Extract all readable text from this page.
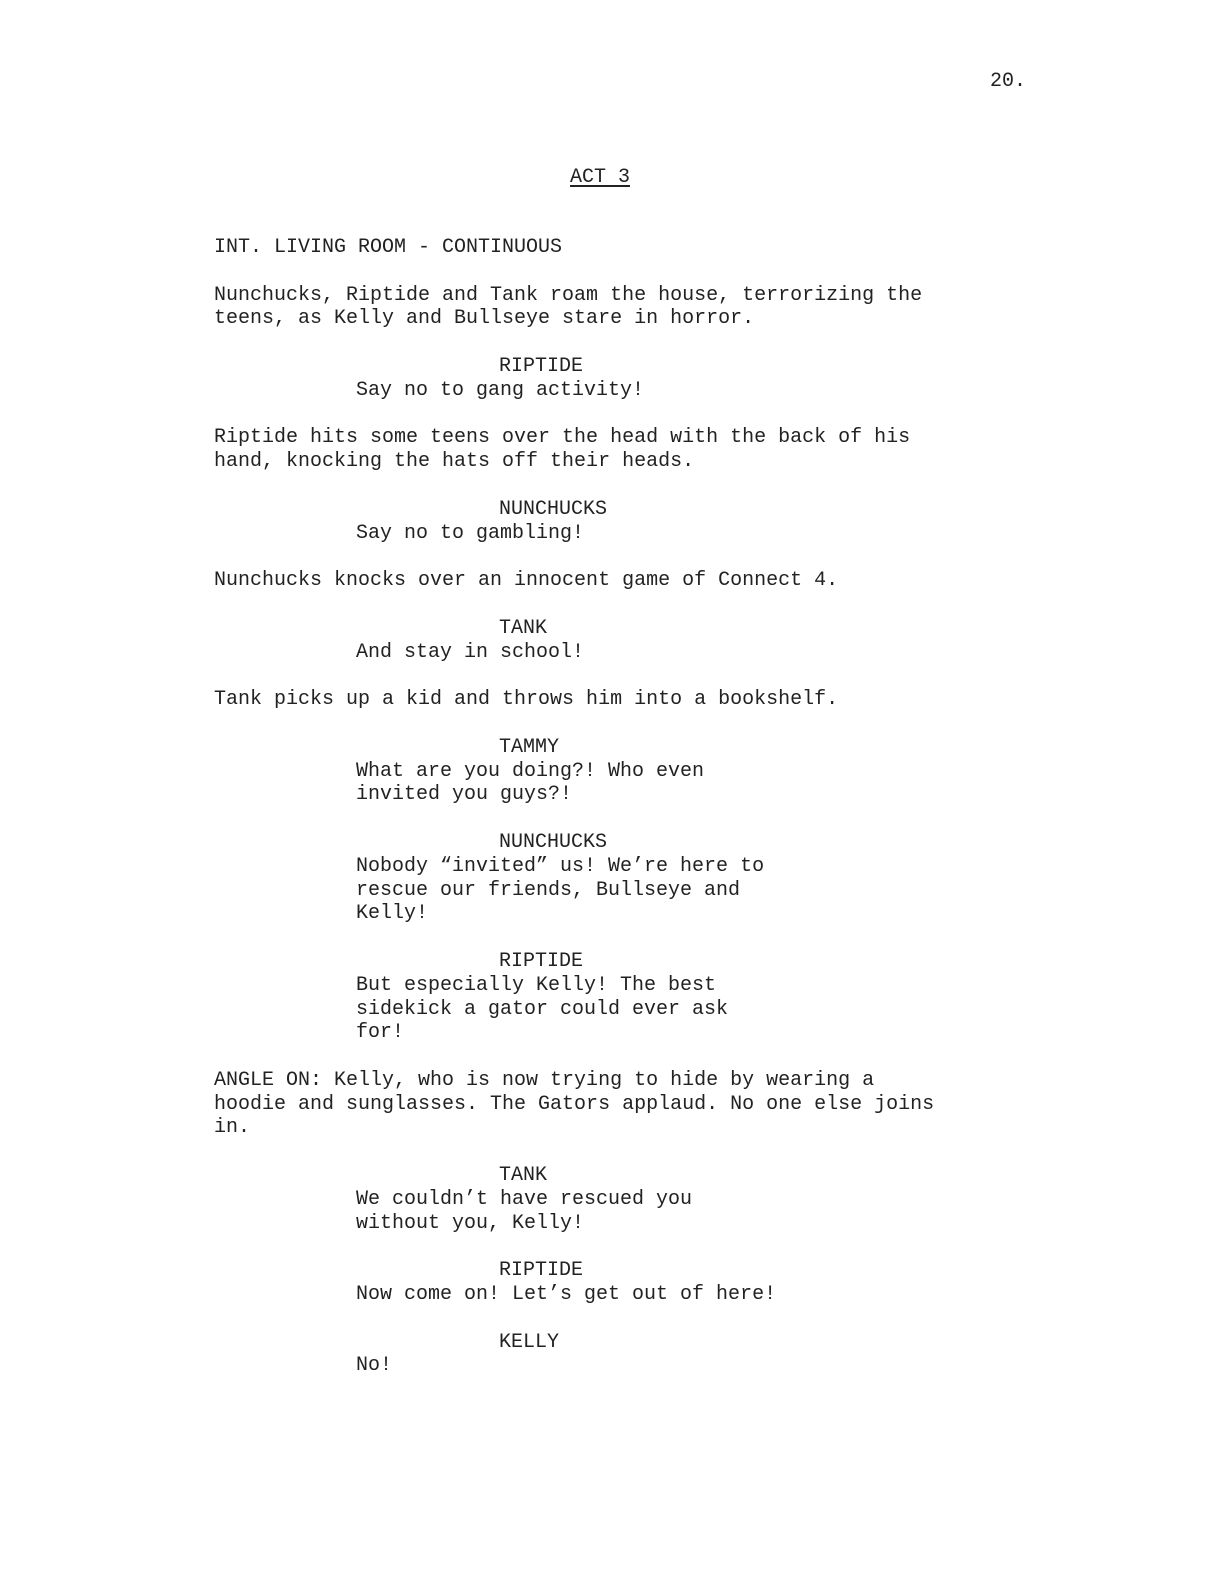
20.
ACT 3
INT. LIVING ROOM - CONTINUOUS
Nunchucks, Riptide and Tank roam the house, terrorizing the
teens, as Kelly and Bullseye stare in horror.
RIPTIDE
Say no to gang activity!
Riptide hits some teens over the head with the back of his
hand, knocking the hats off their heads.
NUNCHUCKS
Say no to gambling!
Nunchucks knocks over an innocent game of Connect 4.
TANK
And stay in school!
Tank picks up a kid and throws him into a bookshelf.
TAMMY
What are you doing?! Who even
invited you guys?!
NUNCHUCKS
Nobody “invited” us! We’re here to
rescue our friends, Bullseye and
Kelly!
RIPTIDE
But especially Kelly! The best
sidekick a gator could ever ask
for!
ANGLE ON: Kelly, who is now trying to hide by wearing a
hoodie and sunglasses. The Gators applaud. No one else joins
in.
TANK
We couldn’t have rescued you
without you, Kelly!
RIPTIDE
Now come on! Let’s get out of here!
KELLY
No!
